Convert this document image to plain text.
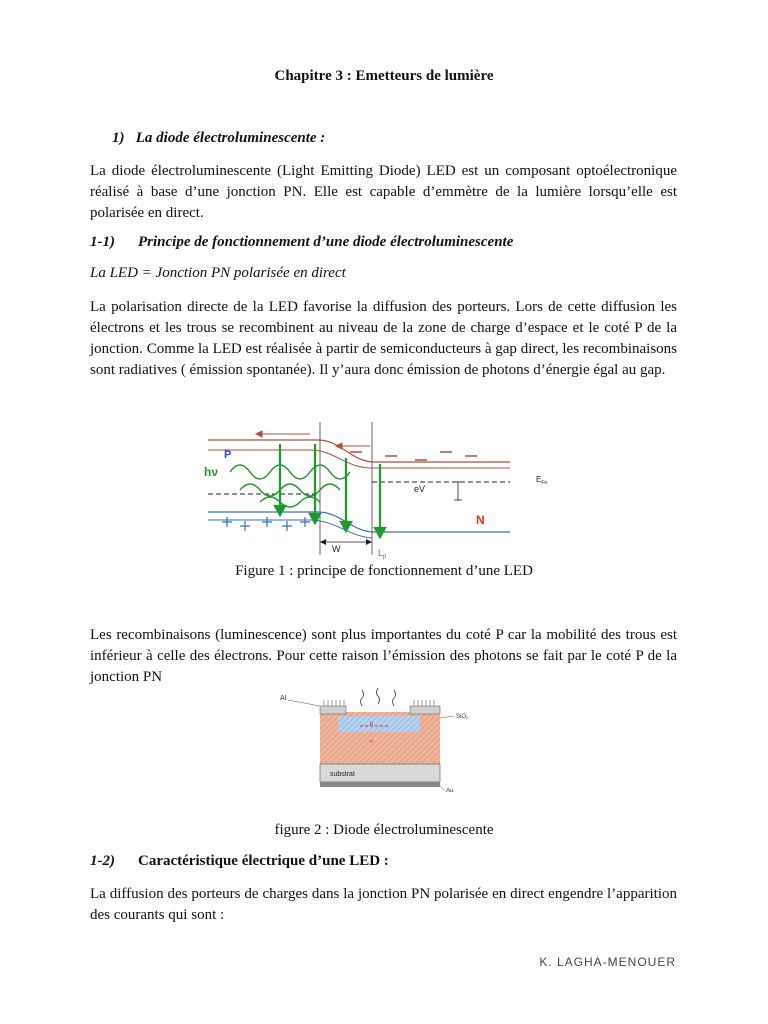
Chapitre 3 : Emetteurs de lumière
1) La diode électroluminescente :
La diode électroluminescente (Light Emitting Diode) LED est un composant optoélectronique réalisé à base d’une jonction PN. Elle est capable d’emmètre de la lumière lorsqu’elle est polarisée en direct.
1-1) Principe de fonctionnement d’une diode électroluminescente
La LED = Jonction PN polarisée en direct
La polarisation directe de la LED favorise la diffusion des porteurs. Lors de cette diffusion les électrons et les trous se recombinent au niveau de la zone de charge d’espace et le coté P de la jonction. Comme la LED est réalisée à partir de semiconducteurs à gap direct, les recombinaisons sont radiatives ( émission spontanée). Il y’aura donc émission de photons d’énergie égal au gap.
P
hν
eV
$E_{Fn}$
N
W	$L_p$
Figure 1 : principe de fonctionnement d’une LED
Les recombinaisons (luminescence) sont plus importantes du coté P car la mobilité des trous est inférieur à celle des électrons. Pour cette raison l’émission des photons se fait par le coté P de la jonction PN
Al
SiO2
p
n
substrat
Au
figure 2 : Diode électroluminescente
1-2) Caractéristique électrique d’une LED :
La diffusion des porteurs de charges dans la jonction PN polarisée en direct engendre l’apparition des courants qui sont :
K. LAGHA-MENOUER
